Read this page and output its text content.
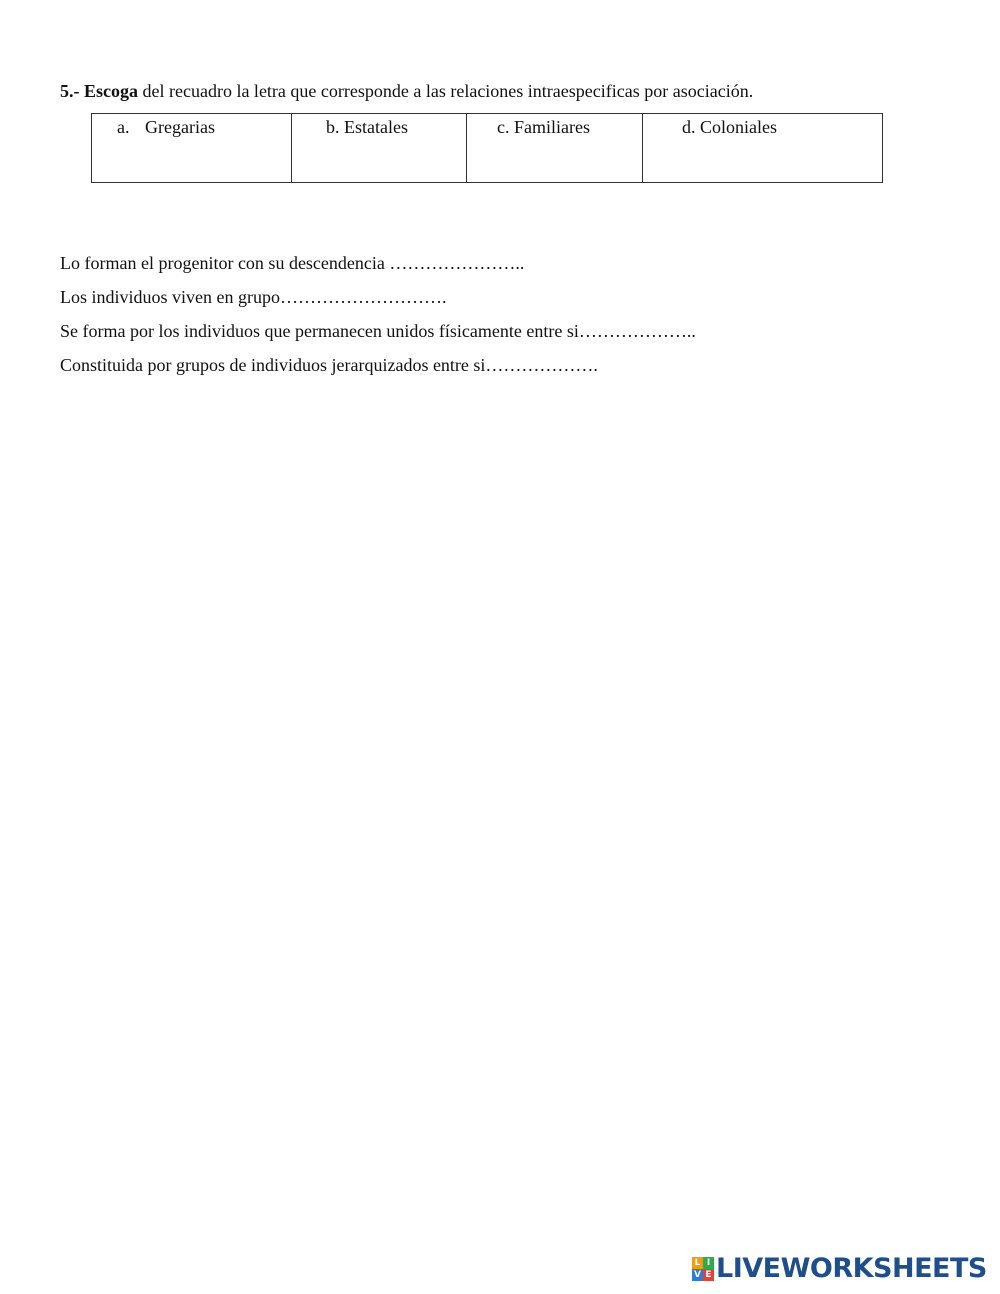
5.- Escoga del recuadro la letra que corresponde a las relaciones intraespecificas por asociación.
a. Gregarias	b. Estatales	c. Familiares	d. Coloniales
Lo forman el progenitor con su descendencia …………………..
Los individuos viven en grupo……………………….
Se forma por los individuos que permanecen unidos físicamente entre si………………..
Constituida por grupos de individuos jerarquizados entre si……………….
L I
V E LIVEWORKSHEETS
